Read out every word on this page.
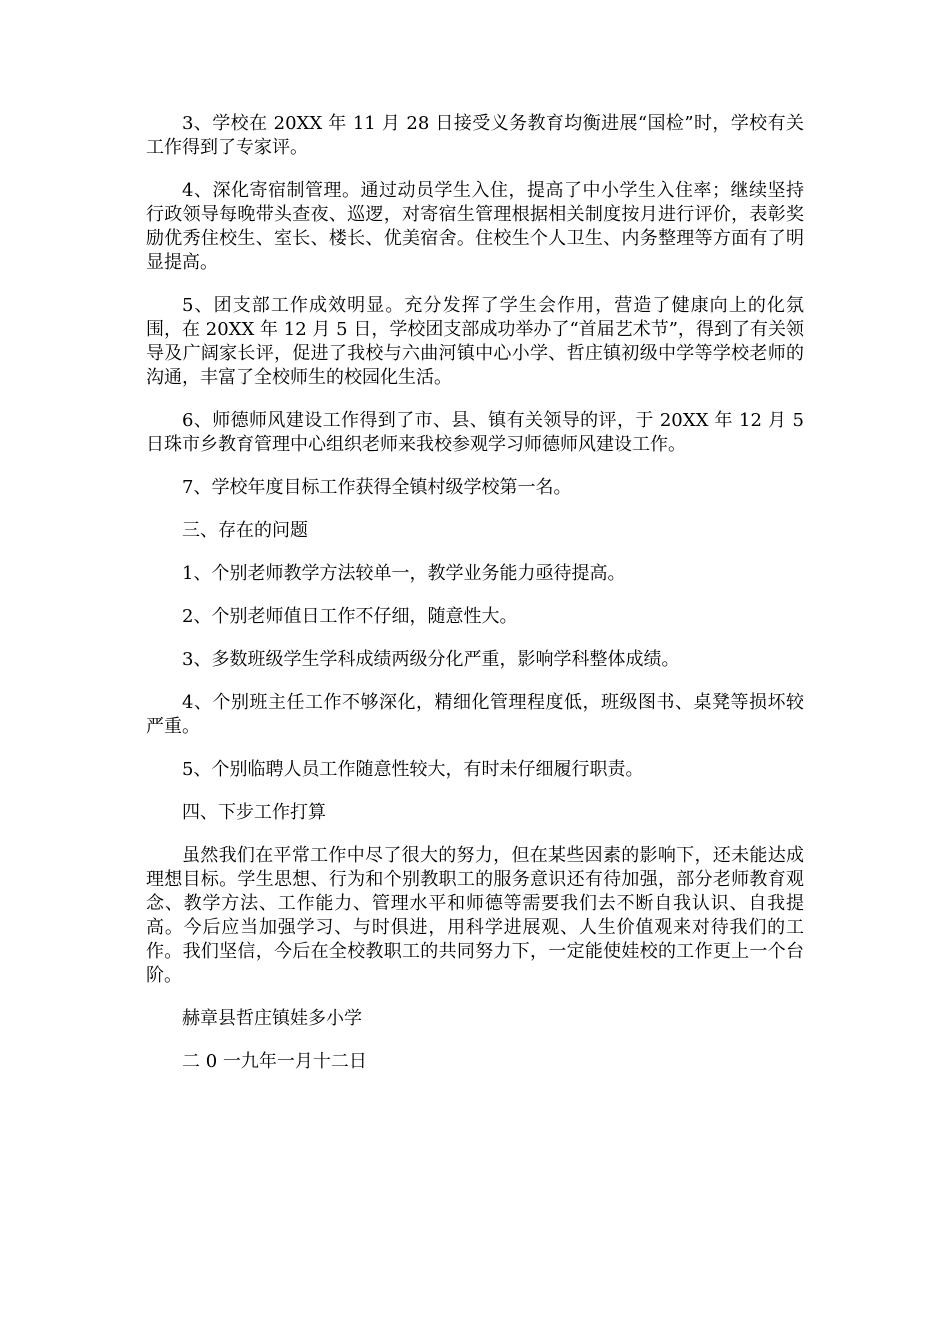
3、学校在 20XX 年 11 月 28 日接受义务教育均衡进展“国检”时，学校有关工作得到了专家评。

4、深化寄宿制管理。通过动员学生入住，提高了中小学生入住率；继续坚持行政领导每晚带头查夜、巡逻，对寄宿生管理根据相关制度按月进行评价，表彰奖励优秀住校生、室长、楼长、优美宿舍。住校生个人卫生、内务整理等方面有了明显提高。

5、团支部工作成效明显。充分发挥了学生会作用，营造了健康向上的化氛围，在 20XX 年 12 月 5 日，学校团支部成功举办了“首届艺术节”，得到了有关领导及广阔家长评，促进了我校与六曲河镇中心小学、哲庄镇初级中学等学校老师的沟通，丰富了全校师生的校园化生活。

6、师德师风建设工作得到了市、县、镇有关领导的评，于 20XX 年 12 月 5 日珠市乡教育管理中心组织老师来我校参观学习师德师风建设工作。

7、学校年度目标工作获得全镇村级学校第一名。

三、存在的问题

1、个别老师教学方法较单一，教学业务能力亟待提高。

2、个别老师值日工作不仔细，随意性大。

3、多数班级学生学科成绩两级分化严重，影响学科整体成绩。

4、个别班主任工作不够深化，精细化管理程度低，班级图书、桌凳等损坏较严重。

5、个别临聘人员工作随意性较大，有时未仔细履行职责。

四、下步工作打算

虽然我们在平常工作中尽了很大的努力，但在某些因素的影响下，还未能达成理想目标。学生思想、行为和个别教职工的服务意识还有待加强，部分老师教育观念、教学方法、工作能力、管理水平和师德等需要我们去不断自我认识、自我提高。今后应当加强学习、与时俱进，用科学进展观、人生价值观来对待我们的工作。我们坚信，今后在全校教职工的共同努力下，一定能使娃校的工作更上一个台阶。

赫章县哲庄镇娃多小学

二 0 一九年一月十二日
